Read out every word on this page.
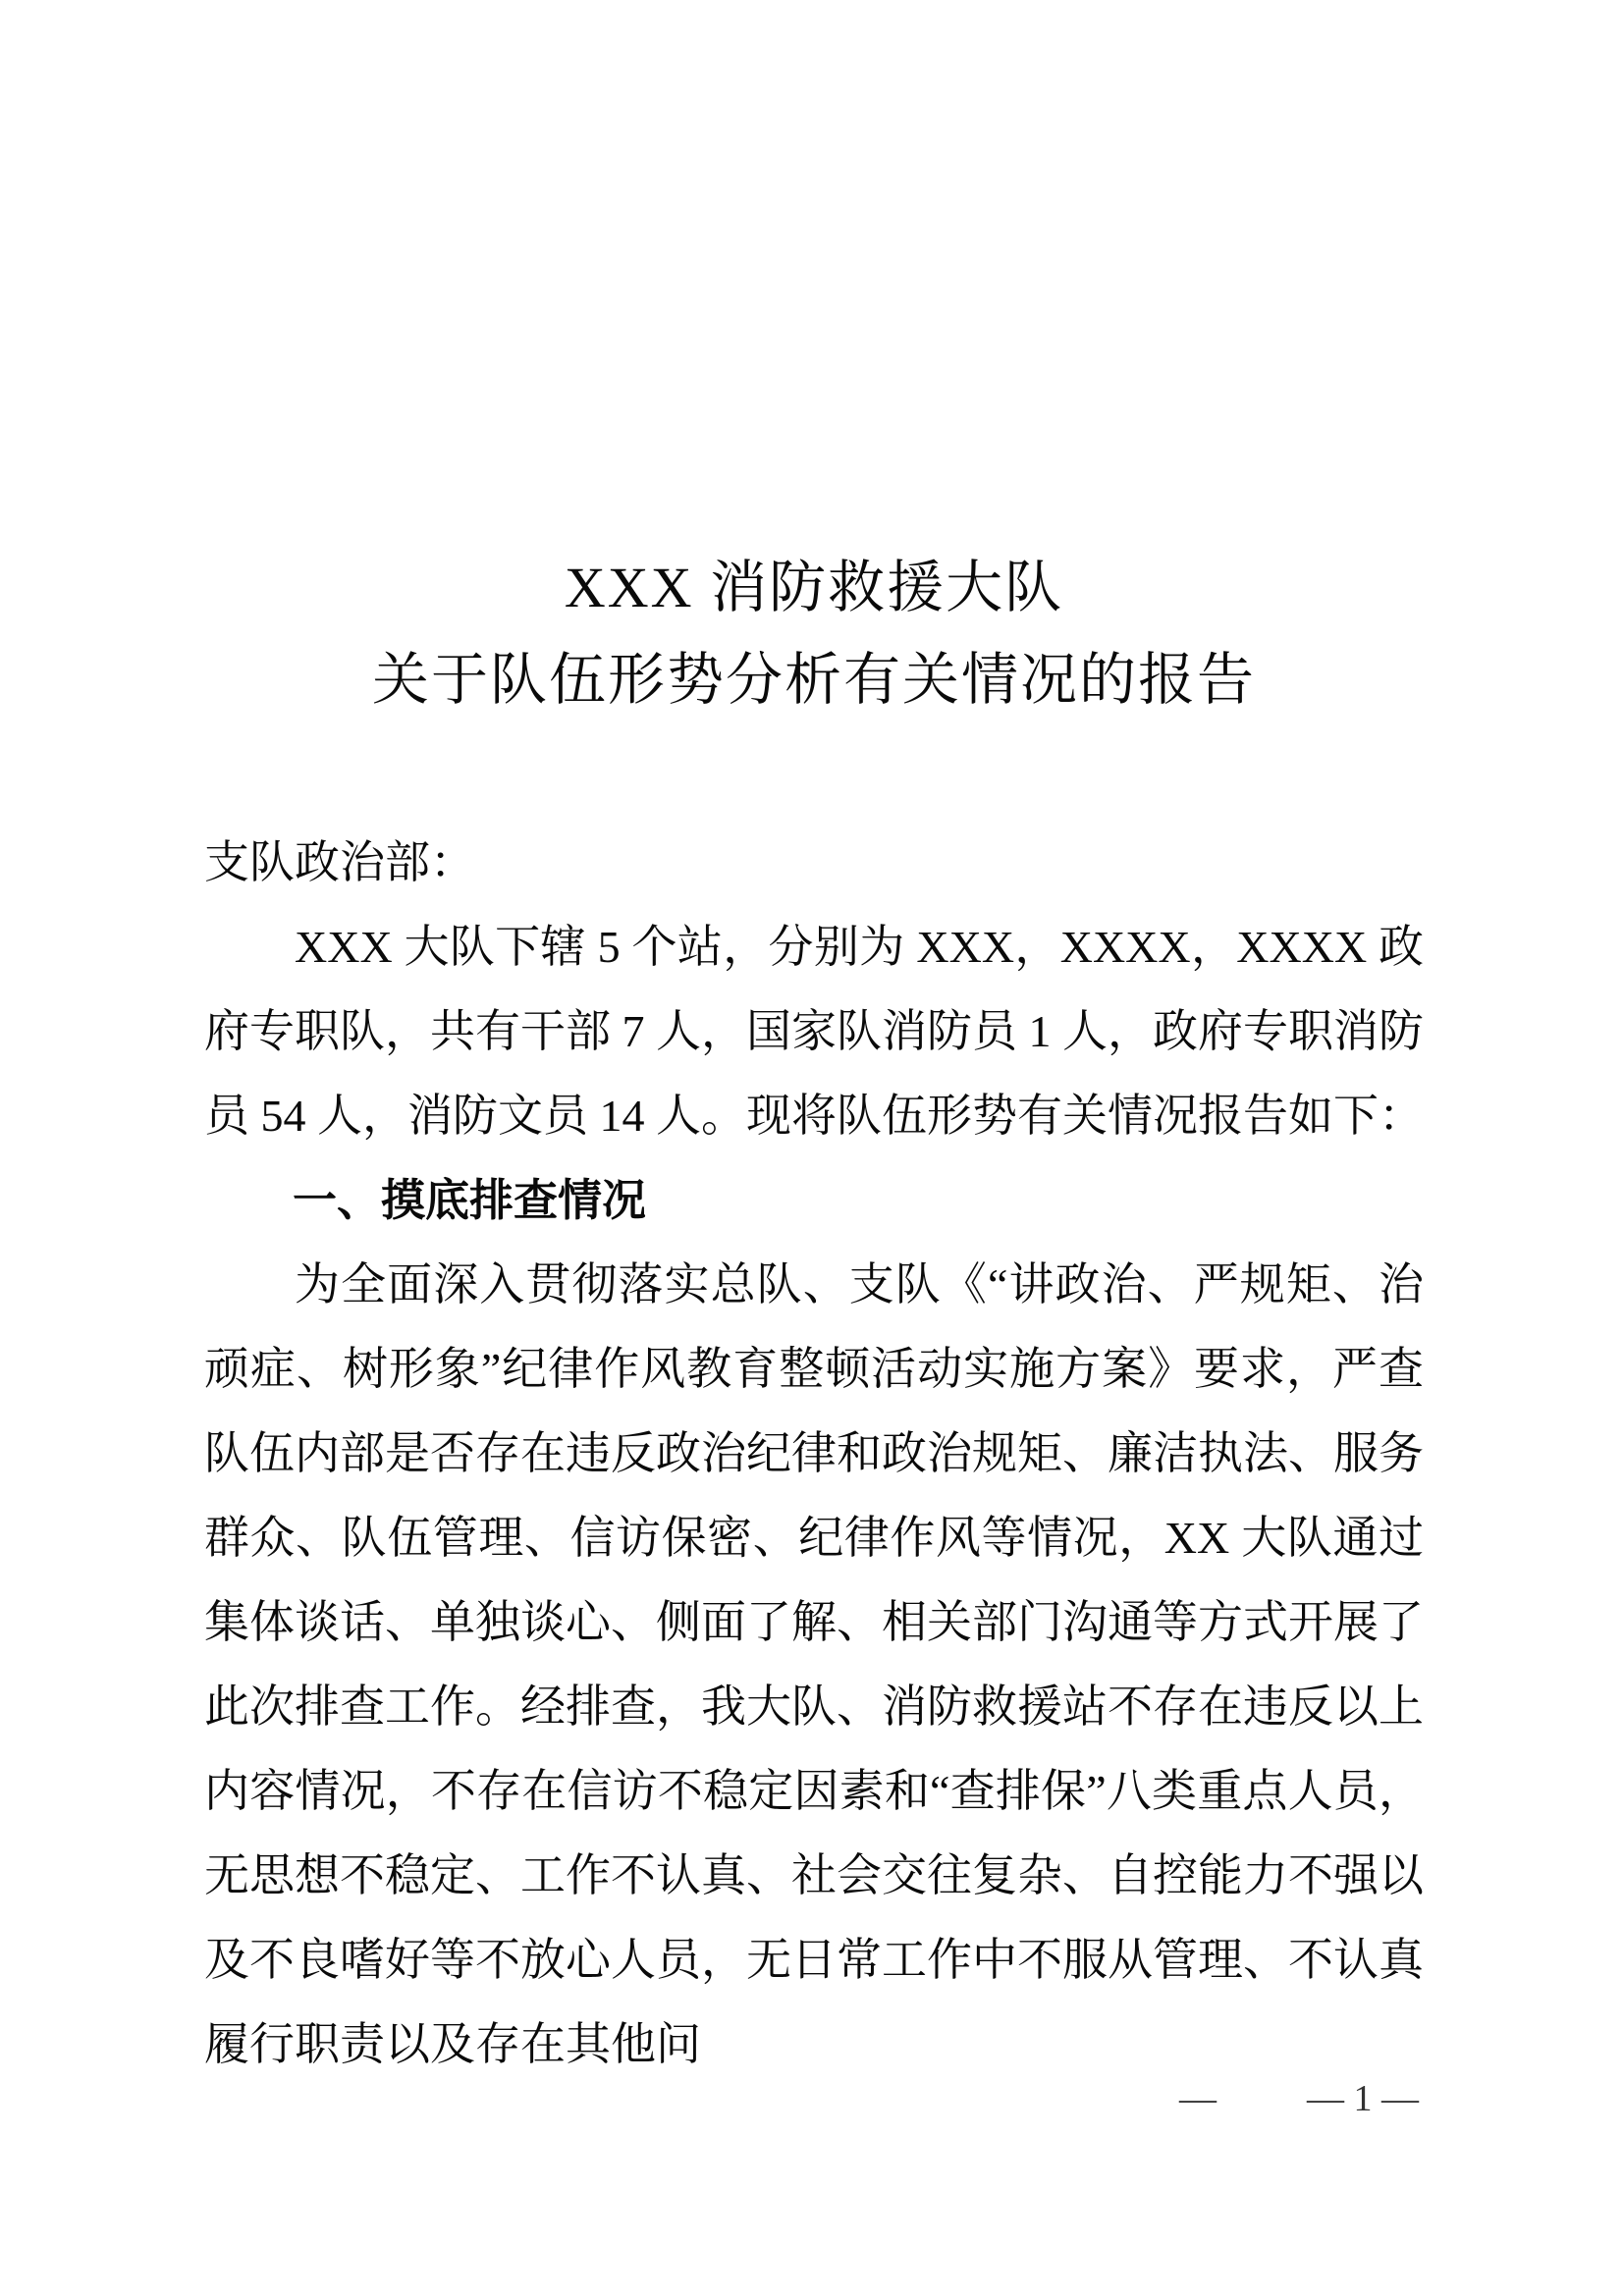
XXX 消防救援大队
关于队伍形势分析有关情况的报告

支队政治部：

XXX 大队下辖 5 个站，分别为 XXX，XXXX，XXXX 政府专职队，共有干部 7 人，国家队消防员 1 人，政府专职消防员 54 人，消防文员 14 人。现将队伍形势有关情况报告如下：

一、摸底排查情况

为全面深入贯彻落实总队、支队《“讲政治、严规矩、治顽症、树形象”纪律作风教育整顿活动实施方案》要求，严查队伍内部是否存在违反政治纪律和政治规矩、廉洁执法、服务群众、队伍管理、信访保密、纪律作风等情况，XX 大队通过集体谈话、单独谈心、侧面了解、相关部门沟通等方式开展了此次排查工作。经排查，我大队、消防救援站不存在违反以上内容情况，不存在信访不稳定因素和“查排保”八类重点人员，无思想不稳定、工作不认真、社会交往复杂、自控能力不强以及不良嗜好等不放心人员，无日常工作中不服从管理、不认真履行职责以及存在其他问

— — 1 —
